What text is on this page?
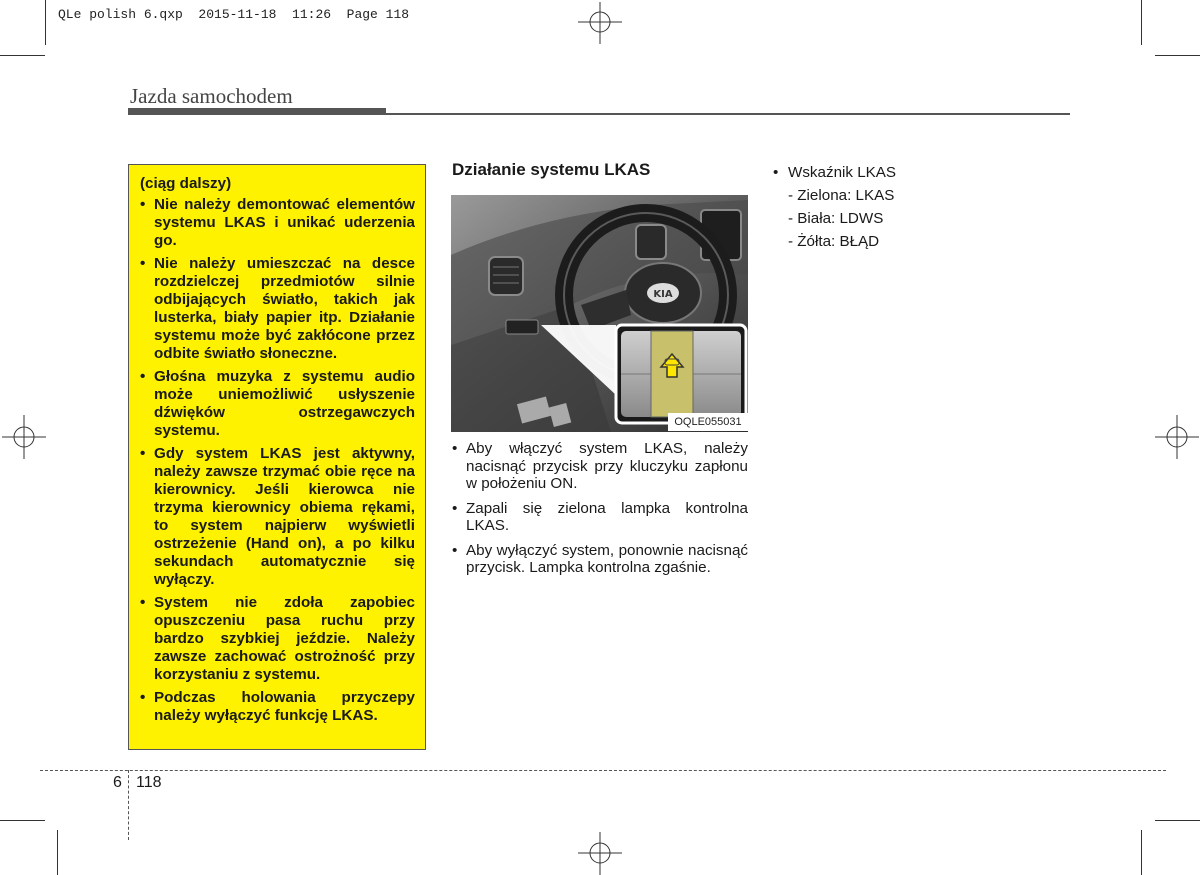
QLe polish 6.qxp  2015-11-18  11:26  Page 118
Jazda samochodem
(ciąg dalszy)
• Nie należy demontować elementów systemu LKAS i unikać uderzenia go.
• Nie należy umieszczać na desce rozdzielczej przedmiotów silnie odbijających światło, takich jak lusterka, biały papier itp. Działanie systemu może być zakłócone przez odbite światło słoneczne.
• Głośna muzyka z systemu audio może uniemożliwić usłyszenie dźwięków ostrzegawczych systemu.
• Gdy system LKAS jest aktywny, należy zawsze trzymać obie ręce na kierownicy. Jeśli kierowca nie trzyma kierownicy obiema rękami, to system najpierw wyświetli ostrzeżenie (Hand on), a po kilku sekundach automatycznie się wyłączy.
• System nie zdoła zapobiec opuszczeniu pasa ruchu przy bardzo szybkiej jeździe. Należy zawsze zachować ostrożność przy korzystaniu z systemu.
• Podczas holowania przyczepy należy wyłączyć funkcję LKAS.
Działanie systemu LKAS
KIA
OQLE055031
• Aby włączyć system LKAS, należy nacisnąć przycisk przy kluczyku zapłonu w położeniu ON.
• Zapali się zielona lampka kontrolna LKAS.
• Aby wyłączyć system, ponownie nacisnąć przycisk. Lampka kontrolna zgaśnie.
• Wskaźnik LKAS
- Zielona: LKAS
- Biała: LDWS
- Żółta: BŁĄD
6 118
